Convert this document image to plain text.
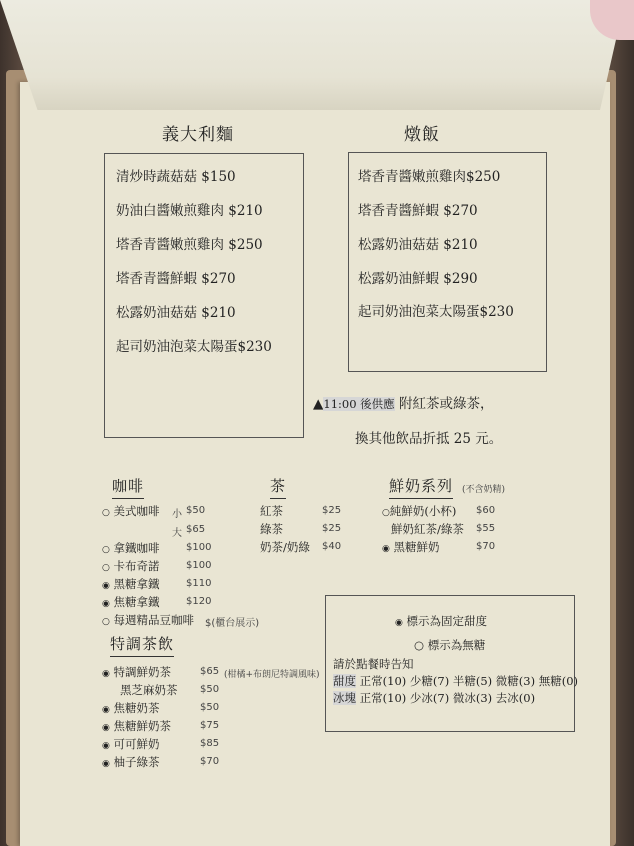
義大利麵
清炒時蔬菇菇 $150
奶油白醬嫩煎雞肉 $210
塔香青醬嫩煎雞肉 $250
塔香青醬鮮蝦 $270
松露奶油菇菇 $210
起司奶油泡菜太陽蛋$230
燉飯
塔香青醬嫩煎雞肉$250
塔香青醬鮮蝦 $270
松露奶油菇菇 $210
松露奶油鮮蝦 $290
起司奶油泡菜太陽蛋$230
▲11:00 後供應 附紅茶或綠茶，
換其他飲品折抵 25 元。
咖啡
○ 美式咖啡 小 $50
大 $65
○ 拿鐵咖啡	$100
○ 卡布奇諾	$100
◉ 黑糖拿鐵	$110
◉ 焦糖拿鐵	$120
○ 每週精品豆咖啡 $(櫃台展示)
茶
紅茶	$25
綠茶	$25
奶茶/奶綠 $40
鮮奶系列 (不含奶精)
○純鮮奶(小杯) $60
鮮奶紅茶/綠茶 $55
◉ 黑糖鮮奶	$70
特調茶飲
◉ 特調鮮奶茶	$65 (柑橘+布朗尼特調風味)
黑芝麻奶茶 $50
◉ 焦糖奶茶	$50
◉ 焦糖鮮奶茶	$75
◉ 可可鮮奶	$85
◉ 柚子綠茶	$70
◉ 標示為固定甜度
○ 標示為無糖
請於點餐時告知
甜度 正常(10) 少糖(7) 半糖(5) 微糖(3) 無糖(0)
冰塊 正常(10) 少冰(7) 微冰(3) 去冰(0)
